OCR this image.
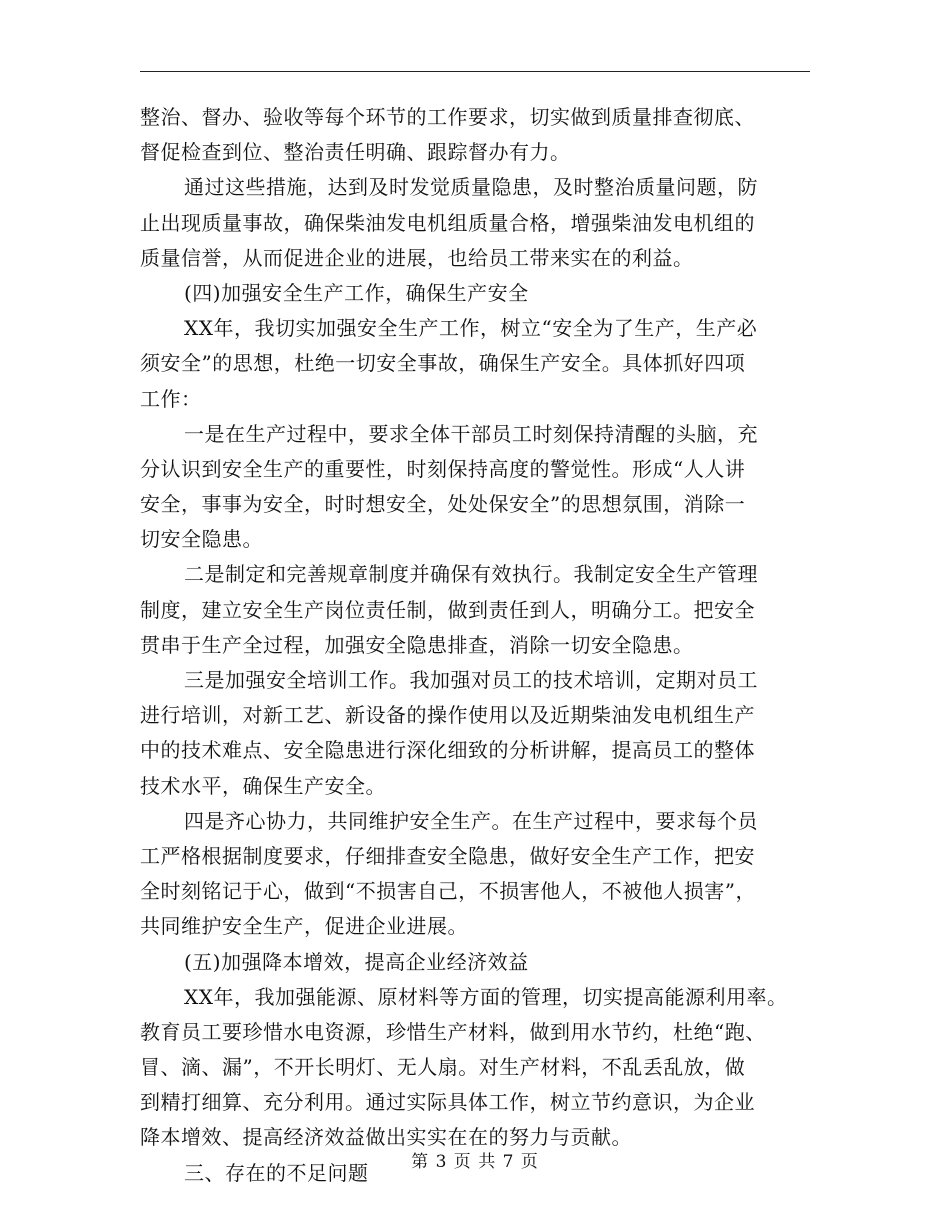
整治、督办、验收等每个环节的工作要求，切实做到质量排查彻底、
督促检查到位、整治责任明确、跟踪督办有力。
通过这些措施，达到及时发觉质量隐患，及时整治质量问题，防
止出现质量事故，确保柴油发电机组质量合格，增强柴油发电机组的
质量信誉，从而促进企业的进展，也给员工带来实在的利益。
(四)加强安全生产工作，确保生产安全
XX年，我切实加强安全生产工作，树立“安全为了生产，生产必
须安全”的思想，杜绝一切安全事故，确保生产安全。具体抓好四项
工作：
一是在生产过程中，要求全体干部员工时刻保持清醒的头脑，充
分认识到安全生产的重要性，时刻保持高度的警觉性。形成“人人讲
安全，事事为安全，时时想安全，处处保安全”的思想氛围，消除一
切安全隐患。
二是制定和完善规章制度并确保有效执行。我制定安全生产管理
制度，建立安全生产岗位责任制，做到责任到人，明确分工。把安全
贯串于生产全过程，加强安全隐患排查，消除一切安全隐患。
三是加强安全培训工作。我加强对员工的技术培训，定期对员工
进行培训，对新工艺、新设备的操作使用以及近期柴油发电机组生产
中的技术难点、安全隐患进行深化细致的分析讲解，提高员工的整体
技术水平，确保生产安全。
四是齐心协力，共同维护安全生产。在生产过程中，要求每个员
工严格根据制度要求，仔细排查安全隐患，做好安全生产工作，把安
全时刻铭记于心，做到“不损害自己，不损害他人，不被他人损害”，
共同维护安全生产，促进企业进展。
(五)加强降本增效，提高企业经济效益
XX年，我加强能源、原材料等方面的管理，切实提高能源利用率。
教育员工要珍惜水电资源，珍惜生产材料，做到用水节约，杜绝“跑、
冒、滴、漏”，不开长明灯、无人扇。对生产材料，不乱丢乱放，做
到精打细算、充分利用。通过实际具体工作，树立节约意识，为企业
降本增效、提高经济效益做出实实在在的努力与贡献。
三、存在的不足问题	第 3 页 共 7 页
